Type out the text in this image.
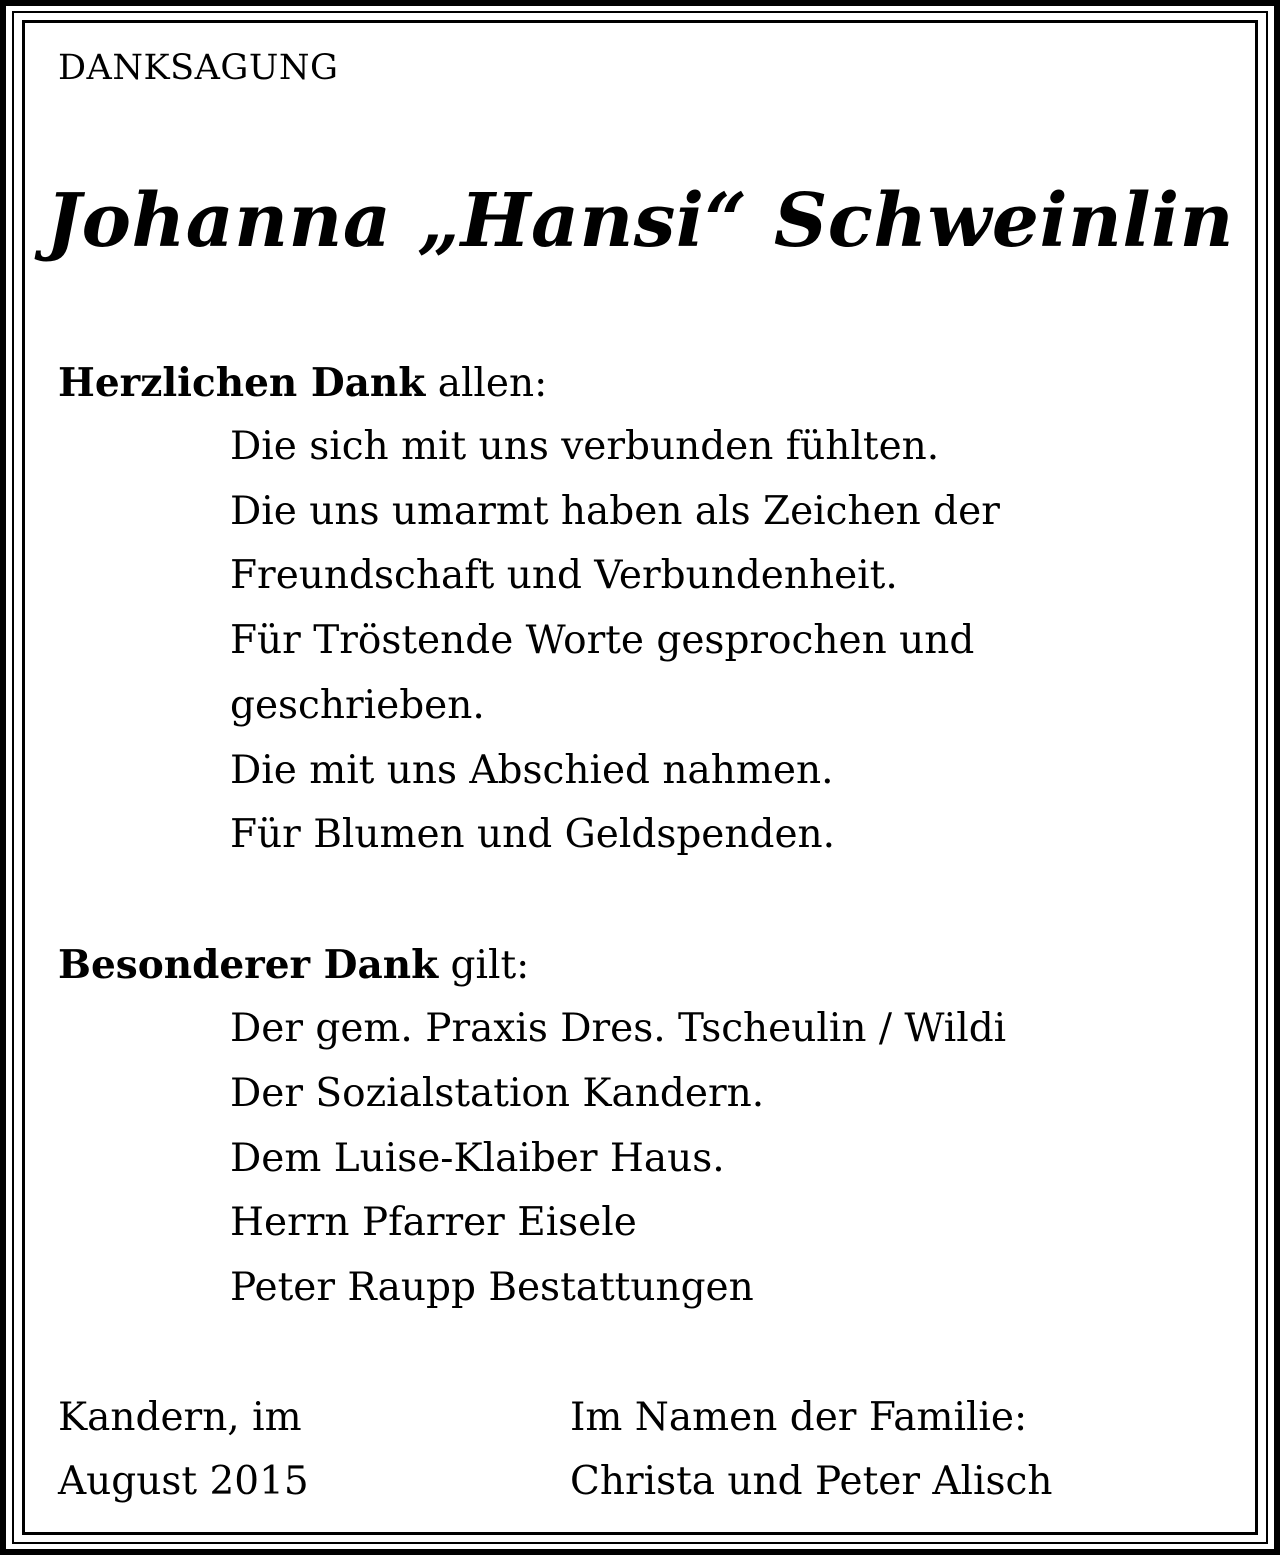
DANKSAGUNG
Johanna „Hansi“ Schweinlin
Herzlichen Dank allen:
Die sich mit uns verbunden fühlten.
Die uns umarmt haben als Zeichen der
Freundschaft und Verbundenheit.
Für Tröstende Worte gesprochen und
geschrieben.
Die mit uns Abschied nahmen.
Für Blumen und Geldspenden.
Besonderer Dank gilt:
Der gem. Praxis Dres. Tscheulin / Wildi
Der Sozialstation Kandern.
Dem Luise-Klaiber Haus.
Herrn Pfarrer Eisele
Peter Raupp Bestattungen
Kandern, im
August 2015
Im Namen der Familie:
Christa und Peter Alisch
